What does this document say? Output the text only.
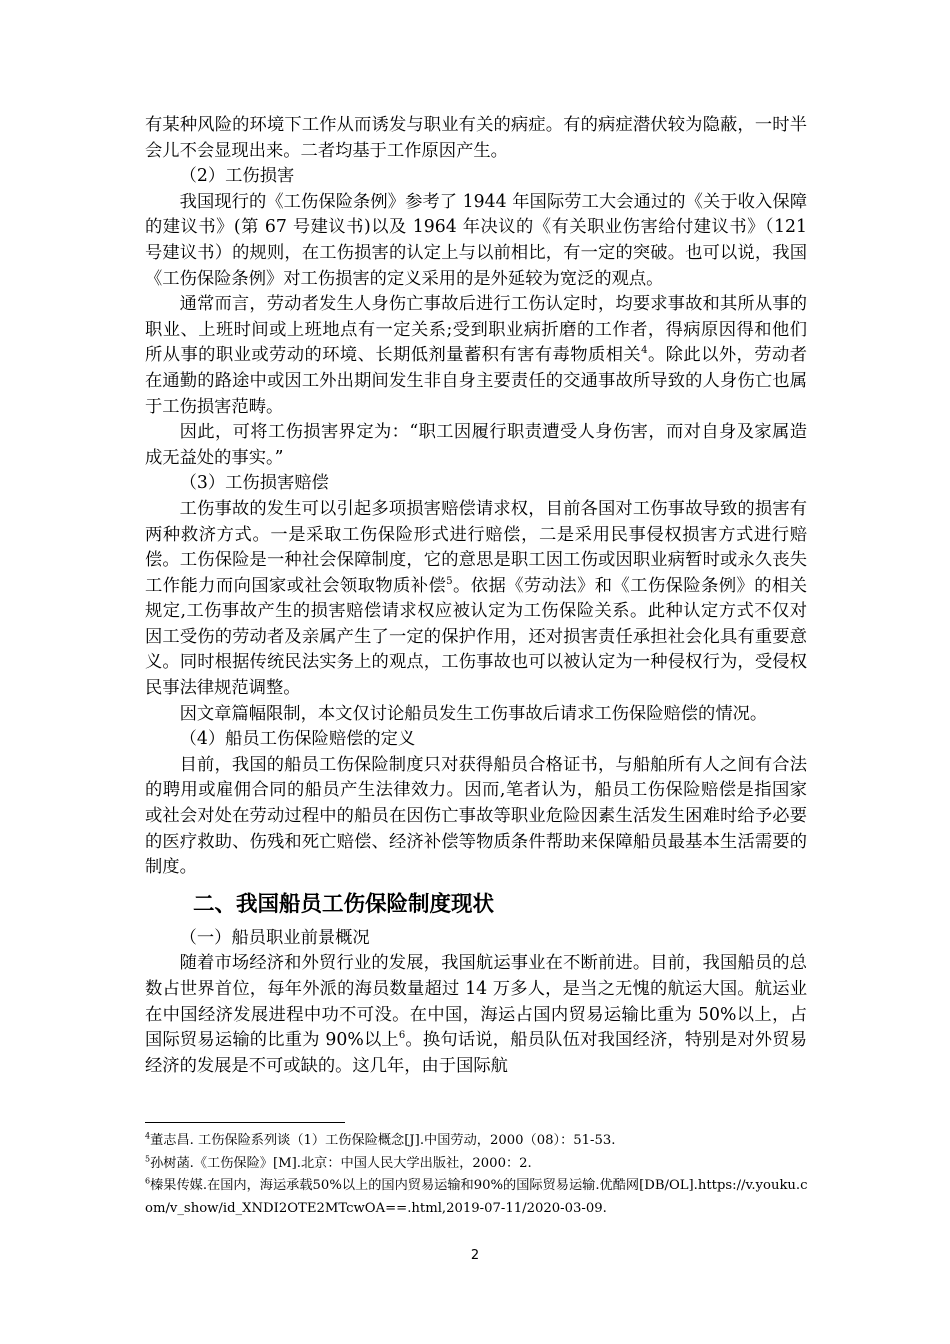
有某种风险的环境下工作从而诱发与职业有关的病症。有的病症潜伏较为隐蔽，一时半会儿不会显现出来。二者均基于工作原因产生。

（2）工伤损害

我国现行的《工伤保险条例》参考了 1944 年国际劳工大会通过的《关于收入保障的建议书》(第 67 号建议书)以及 1964 年决议的《有关职业伤害给付建议书》（121 号建议书）的规则，在工伤损害的认定上与以前相比，有一定的突破。也可以说，我国《工伤保险条例》对工伤损害的定义采用的是外延较为宽泛的观点。

通常而言，劳动者发生人身伤亡事故后进行工伤认定时，均要求事故和其所从事的职业、上班时间或上班地点有一定关系;受到职业病折磨的工作者，得病原因得和他们所从事的职业或劳动的环境、长期低剂量蓄积有害有毒物质相关$^4$。除此以外，劳动者在通勤的路途中或因工外出期间发生非自身主要责任的交通事故所导致的人身伤亡也属于工伤损害范畴。

因此，可将工伤损害界定为：“职工因履行职责遭受人身伤害，而对自身及家属造成无益处的事实。”

（3）工伤损害赔偿

工伤事故的发生可以引起多项损害赔偿请求权，目前各国对工伤事故导致的损害有两种救济方式。一是采取工伤保险形式进行赔偿，二是采用民事侵权损害方式进行赔偿。工伤保险是一种社会保障制度，它的意思是职工因工伤或因职业病暂时或永久丧失工作能力而向国家或社会领取物质补偿$^5$。依据《劳动法》和《工伤保险条例》的相关规定,工伤事故产生的损害赔偿请求权应被认定为工伤保险关系。此种认定方式不仅对因工受伤的劳动者及亲属产生了一定的保护作用，还对损害责任承担社会化具有重要意义。同时根据传统民法实务上的观点，工伤事故也可以被认定为一种侵权行为，受侵权民事法律规范调整。

因文章篇幅限制，本文仅讨论船员发生工伤事故后请求工伤保险赔偿的情况。

（4）船员工伤保险赔偿的定义

目前，我国的船员工伤保险制度只对获得船员合格证书，与船舶所有人之间有合法的聘用或雇佣合同的船员产生法律效力。因而,笔者认为，船员工伤保险赔偿是指国家或社会对处在劳动过程中的船员在因伤亡事故等职业危险因素生活发生困难时给予必要的医疗救助、伤残和死亡赔偿、经济补偿等物质条件帮助来保障船员最基本生活需要的制度。

二、我国船员工伤保险制度现状

（一）船员职业前景概况

随着市场经济和外贸行业的发展，我国航运事业在不断前进。目前，我国船员的总数占世界首位，每年外派的海员数量超过 14 万多人，是当之无愧的航运大国。航运业在中国经济发展进程中功不可没。在中国，海运占国内贸易运输比重为 50%以上，占国际贸易运输的比重为 90%以上$^6$。换句话说，船员队伍对我国经济，特别是对外贸易经济的发展是不可或缺的。这几年，由于国际航

$^4$董志昌. 工伤保险系列谈（1）工伤保险概念[J].中国劳动，2000（08）：51-53.
$^5$孙树菡.《工伤保险》[M].北京：中国人民大学出版社，2000：2.
$^6$榛果传媒.在国内，海运承载50%以上的国内贸易运输和90%的国际贸易运输.优酷网[DB/OL].https://v.youku.com/v_show/id_XNDI2OTE2MTcwOA==.html,2019-07-11/2020-03-09.
2
